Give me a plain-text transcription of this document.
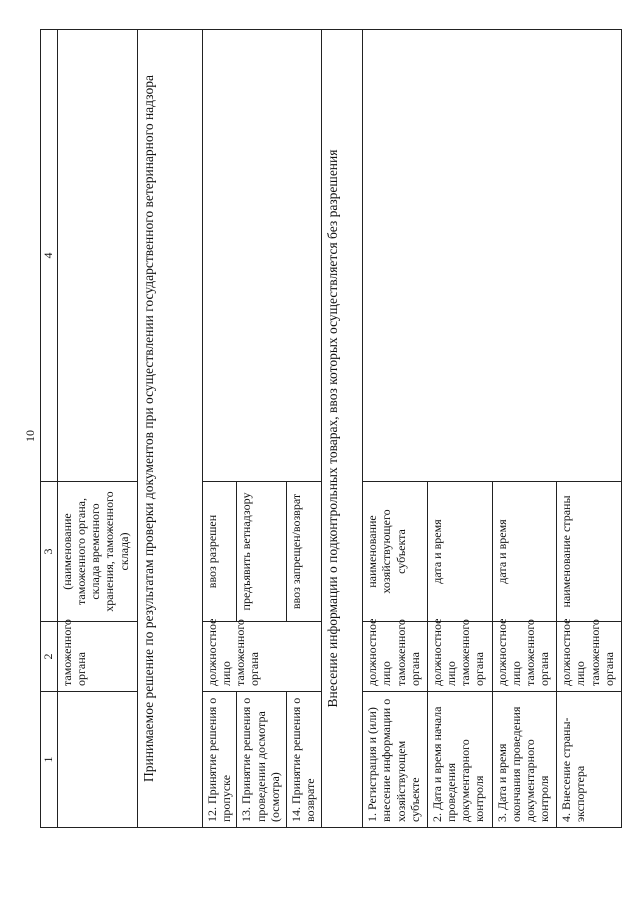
10
1	2	3	4
	таможенного органа	(наименование таможенного органа, склада временного хранения, таможенного склада)	
Принимаемое решение по результатам проверки документов при осуществлении государственного ветеринарного надзора			
12. Принятие решения о пропуске	должностное лицо таможенного органа	ввоз разрешен	
13. Принятие решения о проведении досмотра (осмотра)		предъявить ветнадзору	
14. Принятие решения о возврате		ввоз запрещен/возврат	
Внесение информации о подконтрольных товарах, ввоз которых осуществляется без разрешения			
1. Регистрация и (или) внесение информации о хозяйствующем субъекте	должностное лицо таможенного органа	наименование хозяйствующего субъекта	
2. Дата и время начала проведения документарного контроля	должностное лицо таможенного органа	дата и время	
3. Дата и время окончания проведения документарного контроля	должностное лицо таможенного органа	дата и время	
4. Внесение страны-экспортера	должностное лицо таможенного органа	наименование страны	
